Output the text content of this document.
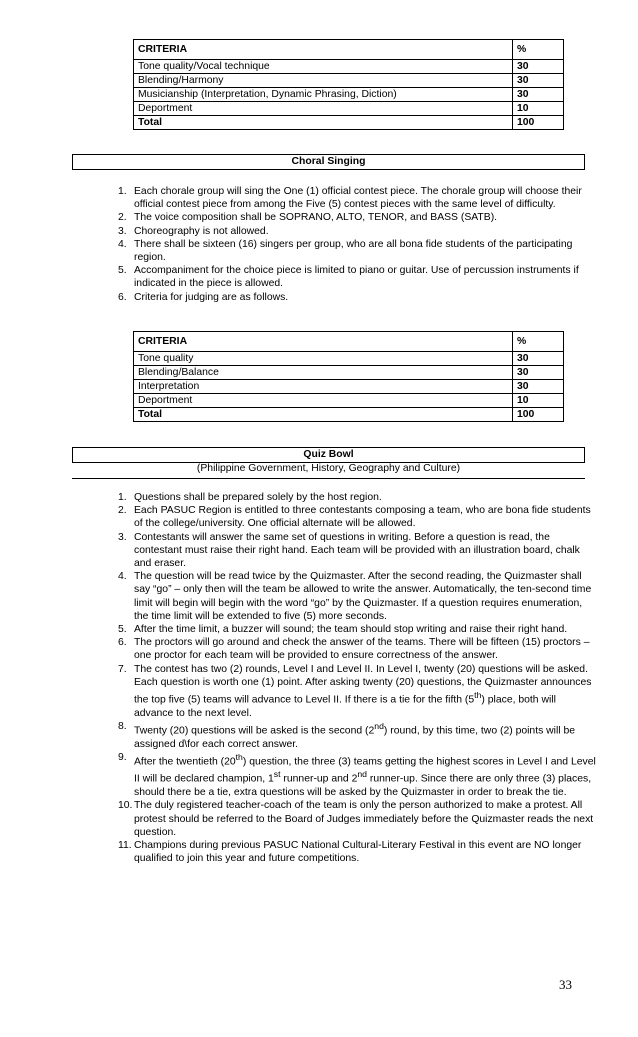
CRITERIA	%
Tone quality/Vocal technique	30
Blending/Harmony	30
Musicianship (Interpretation, Dynamic Phrasing, Diction)	30
Deportment	10
Total	100
Choral Singing
1. Each chorale group will sing the One (1) official contest piece. The chorale group will choose their official contest piece from among the Five (5) contest pieces with the same level of difficulty.
2. The voice composition shall be SOPRANO, ALTO, TENOR, and BASS (SATB).
3. Choreography is not allowed.
4. There shall be sixteen (16) singers per group, who are all bona fide students of the participating region.
5. Accompaniment for the choice piece is limited to piano or guitar. Use of percussion instruments if indicated in the piece is allowed.
6. Criteria for judging are as follows.
CRITERIA	%
Tone quality	30
Blending/Balance	30
Interpretation	30
Deportment	10
Total	100
Quiz Bowl
(Philippine Government, History, Geography and Culture)
1. Questions shall be prepared solely by the host region.
2. Each PASUC Region is entitled to three contestants composing a team, who are bona fide students of the college/university. One official alternate will be allowed.
3. Contestants will answer the same set of questions in writing. Before a question is read, the contestant must raise their right hand. Each team will be provided with an illustration board, chalk and eraser.
4. The question will be read twice by the Quizmaster. After the second reading, the Quizmaster shall say “go” – only then will the team be allowed to write the answer. Automatically, the ten-second time limit will begin will begin with the word “go” by the Quizmaster. If a question requires enumeration, the time limit will be extended to five (5) more seconds.
5. After the time limit, a buzzer will sound; the team should stop writing and raise their right hand.
6. The proctors will go around and check the answer of the teams. There will be fifteen (15) proctors – one proctor for each team will be provided to ensure correctness of the answer.
7. The contest has two (2) rounds, Level I and Level II. In Level I, twenty (20) questions will be asked. Each question is worth one (1) point. After asking twenty (20) questions, the Quizmaster announces the top five (5) teams will advance to Level II. If there is a tie for the fifth (5th) place, both will advance to the next level.
8. Twenty (20) questions will be asked is the second (2nd) round, by this time, two (2) points will be assigned d\for each correct answer.
9. After the twentieth (20th) question, the three (3) teams getting the highest scores in Level I and Level II will be declared champion, 1st runner-up and 2nd runner-up. Since there are only three (3) places, should there be a tie, extra questions will be asked by the Quizmaster in order to break the tie.
10. The duly registered teacher-coach of the team is only the person authorized to make a protest. All protest should be referred to the Board of Judges immediately before the Quizmaster reads the next question.
11. Champions during previous PASUC National Cultural-Literary Festival in this event are NO longer qualified to join this year and future competitions.
33
